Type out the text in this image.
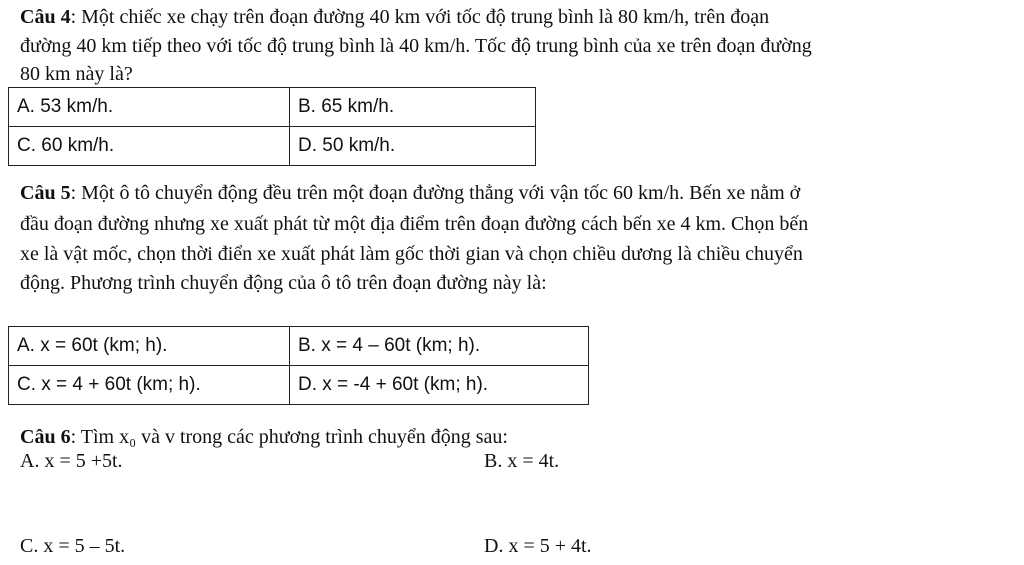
Câu 4: Một chiếc xe chạy trên đoạn đường 40 km với tốc độ trung bình là 80 km/h, trên đoạn
đường 40 km tiếp theo với tốc độ trung bình là 40 km/h. Tốc độ trung bình của xe trên đoạn đường
80 km này là?
A. 53 km/h.	B. 65 km/h.
C. 60 km/h.	D. 50 km/h.
Câu 5: Một ô tô chuyển động đều trên một đoạn đường thẳng với vận tốc 60 km/h. Bến xe nằm ở
đầu đoạn đường nhưng xe xuất phát từ một địa điểm trên đoạn đường cách bến xe 4 km. Chọn bến
xe là vật mốc, chọn thời điển xe xuất phát làm gốc thời gian và chọn chiều dương là chiều chuyển
động. Phương trình chuyển động của ô tô trên đoạn đường này là:
A. x = 60t (km; h).	B. x = 4 – 60t (km; h).
C. x = 4 + 60t (km; h).	D. x = -4 + 60t (km; h).
Câu 6: Tìm x₀ và v trong các phương trình chuyển động sau:
A. x = 5 +5t.	B. x = 4t.
C. x = 5 – 5t.	D. x = 5 + 4t.
